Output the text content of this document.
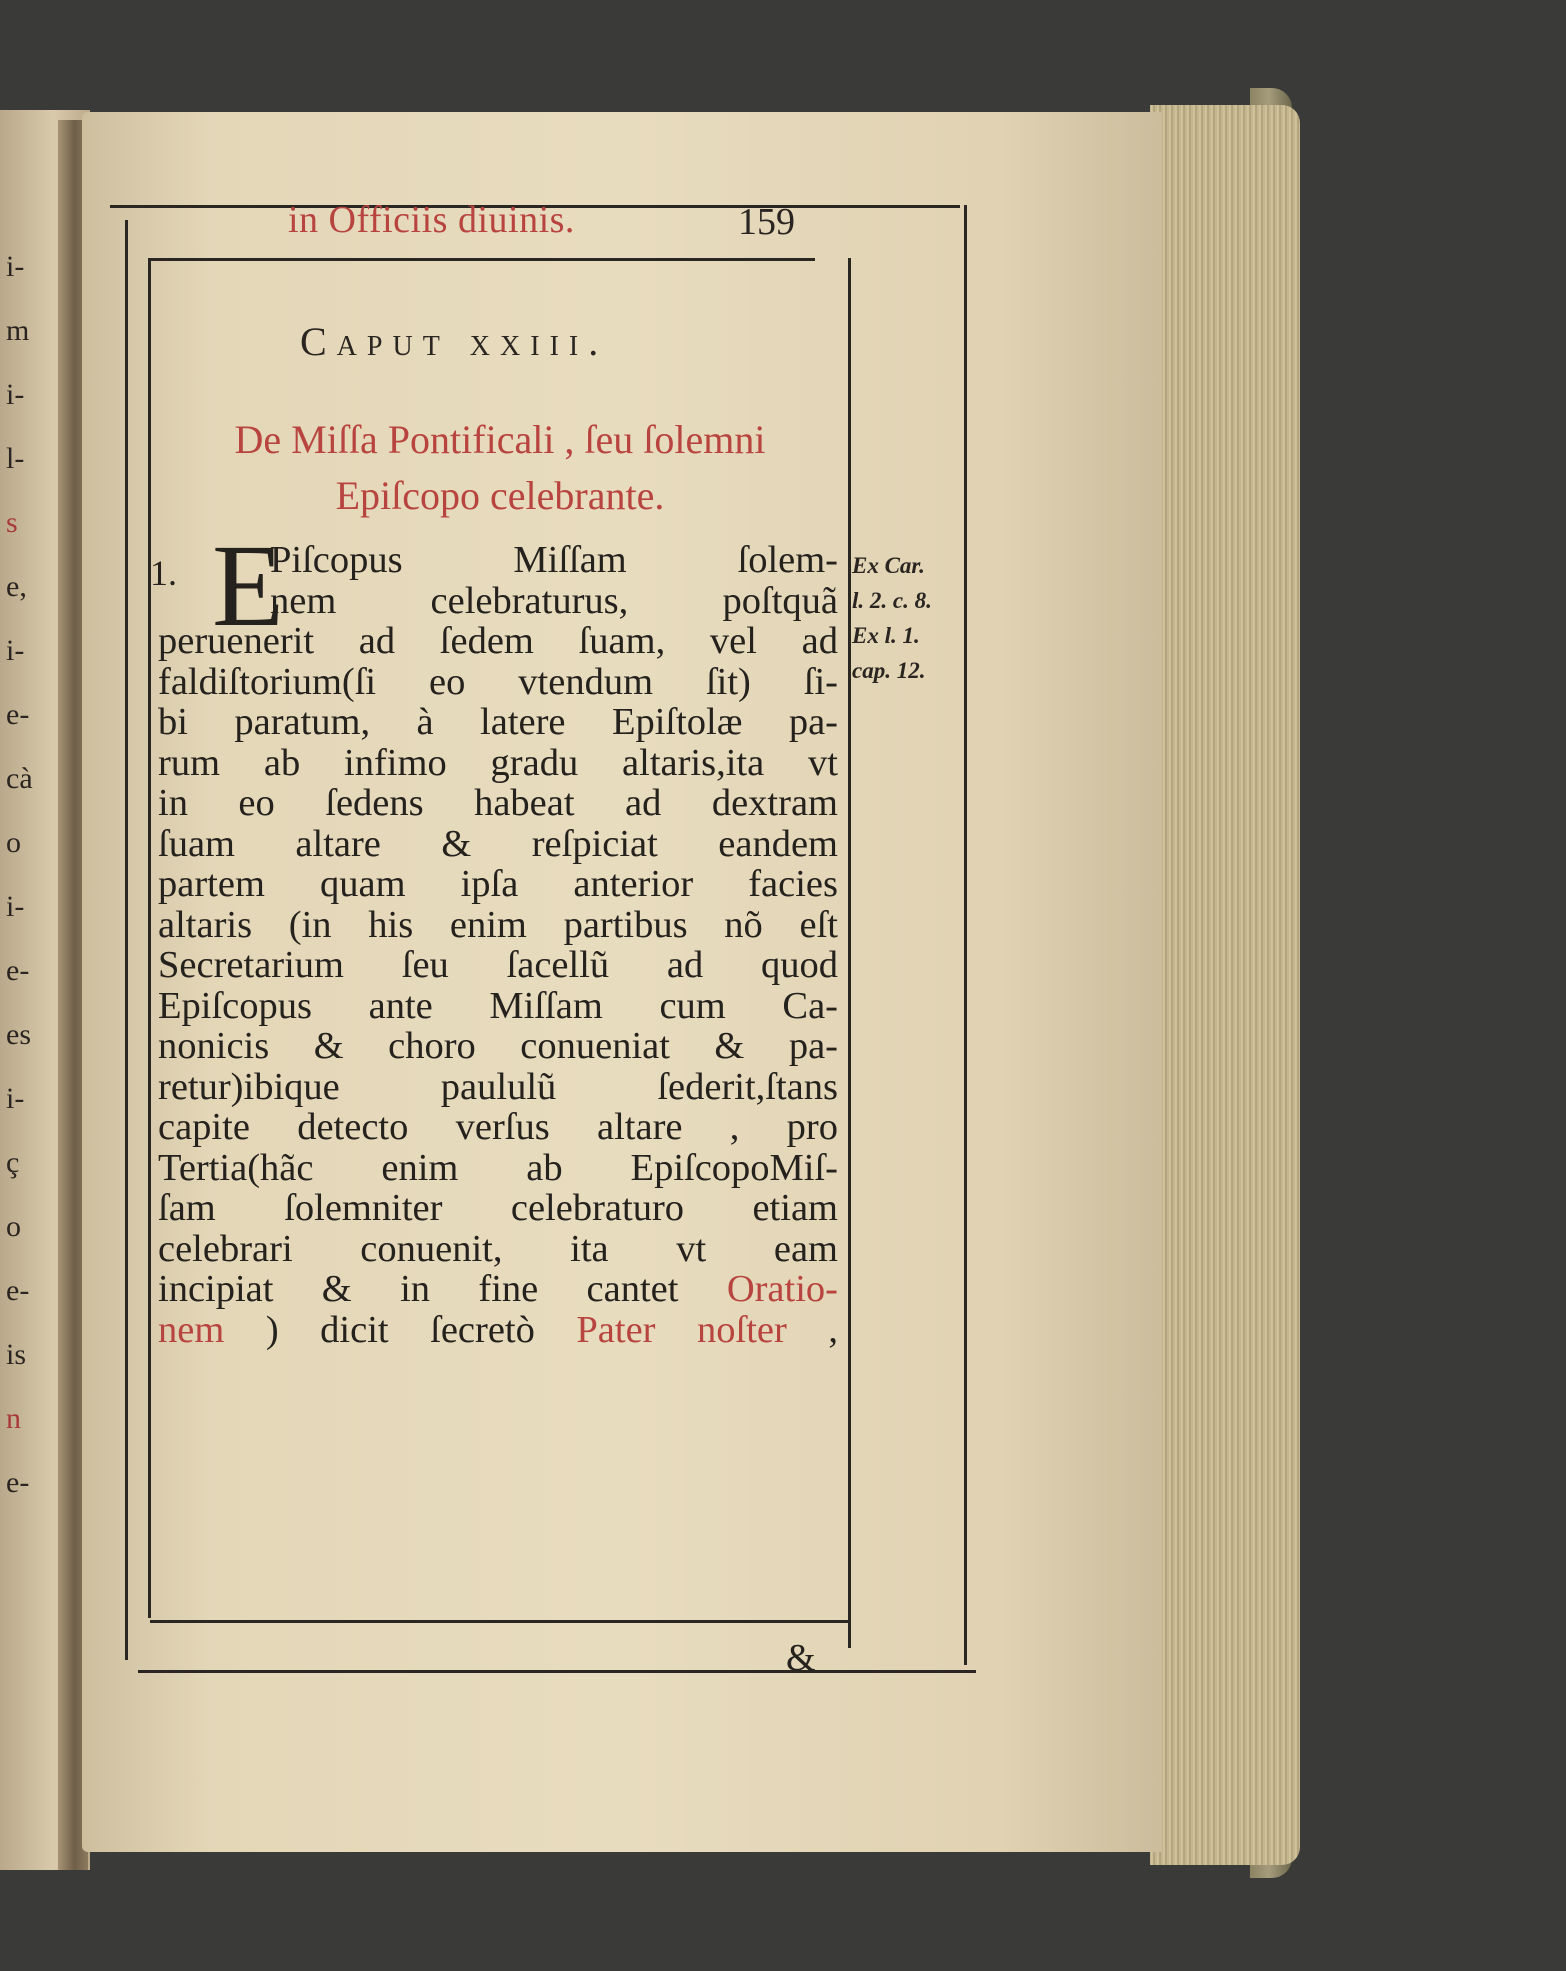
i-
m
i-
l-
s
e,
i-
e-
cà
o
i-
e-
es
i-
ç
o
e-
is
n
e-
in Officiis diuinis.	159
Caput xxiii.
De Miſſa Pontificali , ſeu ſolemni
Epiſcopo celebrante.
1. E
Piſcopus Miſſam ſolem-
nem celebraturus, poſtquã
peruenerit ad ſedem ſuam, vel ad
faldiſtorium(ſi eo vtendum ſit) ſi-
bi paratum, à latere Epiſtolæ pa-
rum ab infimo gradu altaris,ita vt
in eo ſedens habeat ad dextram
ſuam altare & reſpiciat eandem
partem quam ipſa anterior facies
altaris (in his enim partibus nõ eſt
Secretarium ſeu ſacellũ ad quod
Epiſcopus ante Miſſam cum Ca-
nonicis & choro conueniat & pa-
retur)ibique paululũ ſederit,ſtans
capite detecto verſus altare , pro
Tertia(hãc enim ab EpiſcopoMiſ-
ſam ſolemniter celebraturo etiam
celebrari conuenit, ita vt eam
incipiat & in fine cantet Oratio-
nem ) dicit ſecretò Pater noſter ,
Ex Car.
l. 2. c. 8.
Ex l. 1.
cap. 12.
&
